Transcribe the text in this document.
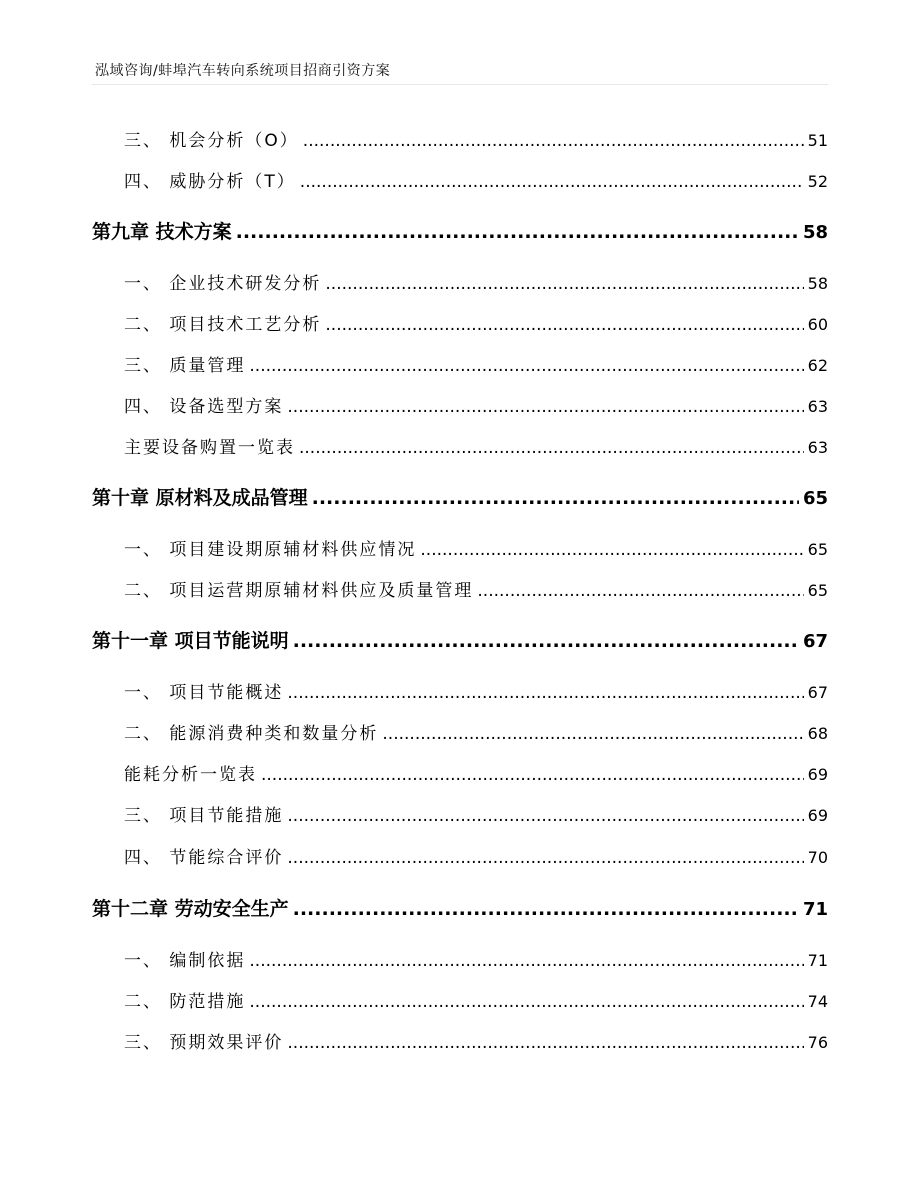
泓域咨询/蚌埠汽车转向系统项目招商引资方案
三、 机会分析（O） .....	51
四、 威胁分析（T） .....	52
第九章 技术方案 .....	58
一、 企业技术研发分析 .....	58
二、 项目技术工艺分析 .....	60
三、 质量管理 .....	62
四、 设备选型方案 .....	63
主要设备购置一览表 .....	63
第十章 原材料及成品管理 .....	65
一、 项目建设期原辅材料供应情况 .....	65
二、 项目运营期原辅材料供应及质量管理 .....	65
第十一章 项目节能说明 .....	67
一、 项目节能概述 .....	67
二、 能源消费种类和数量分析 .....	68
能耗分析一览表 .....	69
三、 项目节能措施 .....	69
四、 节能综合评价 .....	70
第十二章 劳动安全生产 .....	71
一、 编制依据 .....	71
二、 防范措施 .....	74
三、 预期效果评价 .....	76
